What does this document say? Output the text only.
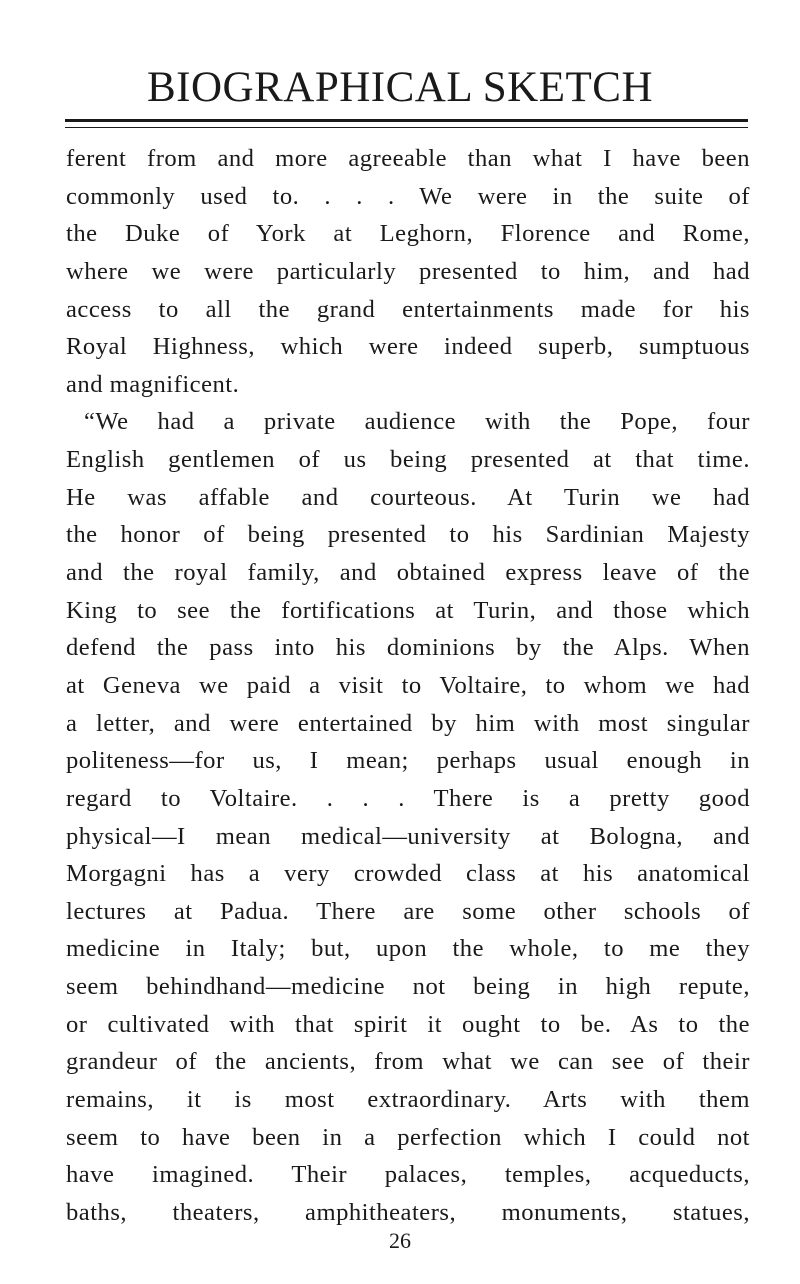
BIOGRAPHICAL SKETCH
ferent from and more agreeable than what I have been
commonly used to. . . . We were in the suite of
the Duke of York at Leghorn, Florence and Rome,
where we were particularly presented to him, and had
access to all the grand entertainments made for his
Royal Highness, which were indeed superb, sumptuous
and magnificent.
“We had a private audience with the Pope, four
English gentlemen of us being presented at that time.
He was affable and courteous. At Turin we had
the honor of being presented to his Sardinian Majesty
and the royal family, and obtained express leave of the
King to see the fortifications at Turin, and those which
defend the pass into his dominions by the Alps. When
at Geneva we paid a visit to Voltaire, to whom we had
a letter, and were entertained by him with most singular
politeness—for us, I mean; perhaps usual enough in
regard to Voltaire. . . . There is a pretty good
physical—I mean medical—university at Bologna, and
Morgagni has a very crowded class at his anatomical
lectures at Padua. There are some other schools of
medicine in Italy; but, upon the whole, to me they
seem behindhand—medicine not being in high repute,
or cultivated with that spirit it ought to be. As to the
grandeur of the ancients, from what we can see of their
remains, it is most extraordinary. Arts with them
seem to have been in a perfection which I could not
have imagined. Their palaces, temples, acqueducts,
baths, theaters, amphitheaters, monuments, statues,
26
